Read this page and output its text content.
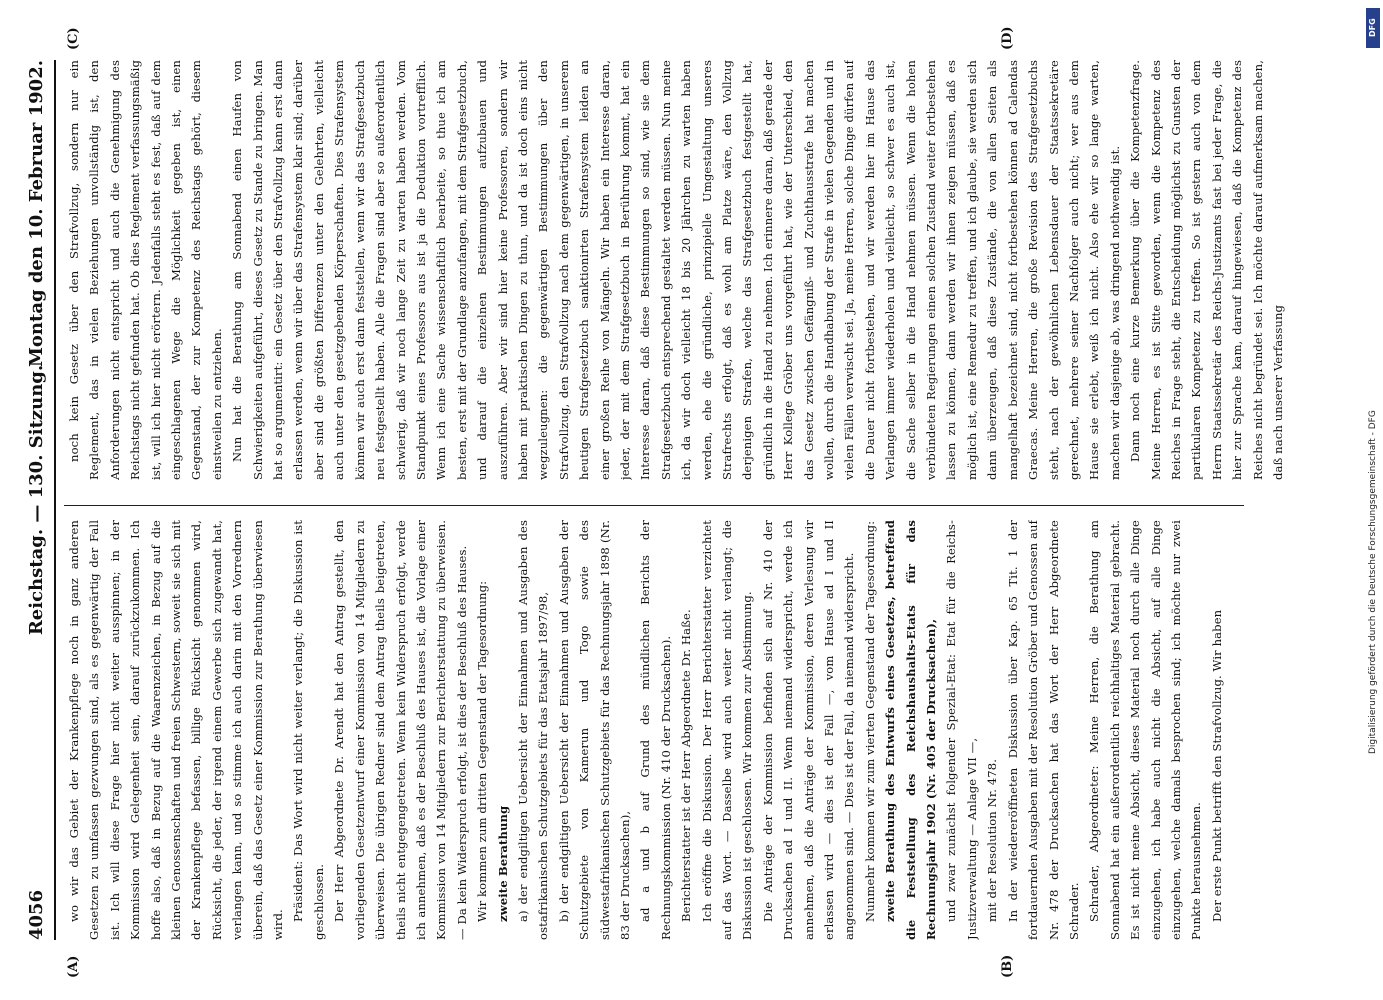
4056
Reichstag. — 130. Sitzung.
Montag den 10. Februar 1902.
(A)	(B)
(C)	(D)

wo wir das Gebiet der Krankenpflege noch in ganz anderen Gesetzen zu umfassen gezwungen sind, als es gegenwärtig der Fall ist. Ich will diese Frage hier nicht weiter ausspinnen; in der Kommission wird Gelegenheit sein, darauf zurückzukommen. Ich hoffe also, daß in Bezug auf die Waarenzeichen, in Bezug auf die kleinen Genossenschaften und freien Schwestern, soweit sie sich mit der Krankenpflege befassen, billige Rücksicht genommen wird, Rücksicht, die jeder, der irgend einem Gewerbe sich zugewandt hat, verlangen kann, und so stimme ich auch darin mit den Vorrednern überein, daß das Gesetz einer Kommission zur Berathung überwiesen wird.

Präsident: Das Wort wird nicht weiter verlangt; die Diskussion ist geschlossen. Der Herr Abgeordnete Dr. Arendt hat den Antrag gestellt, den vorliegenden Gesetzentwurf einer Kommission von 14 Mitgliedern zu überweisen. Die übrigen Redner sind dem Antrag theils beigetreten, theils nicht entgegengetreten. Wenn kein Widerspruch erfolgt, werde ich annehmen, daß es der Beschluß des Hauses ist, die Vorlage einer Kommission von 14 Mitgliedern zur Berichterstattung zu überweisen. — Da kein Widerspruch erfolgt, ist dies der Beschluß des Hauses. Wir kommen zum dritten Gegenstand der Tagesordnung: zweite Berathung a) der endgiltigen Uebersicht der Einnahmen und Ausgaben des ostafrikanischen Schutzgebiets für das Etatsjahr 1897/98, b) der endgiltigen Uebersicht der Einnahmen und Ausgaben der Schutzgebiete von Kamerun und Togo sowie des südwestafrikanischen Schutzgebiets für das Rechnungsjahr 1898 (Nr. 83 der Drucksachen), ad a und b auf Grund des mündlichen Berichts der Rechnungskommission (Nr. 410 der Drucksachen). Berichterstatter ist der Herr Abgeordnete Dr. Haße. Ich eröffne die Diskussion. Der Herr Berichterstatter verzichtet auf das Wort. — Dasselbe wird auch weiter nicht verlangt; die Diskussion ist geschlossen. Wir kommen zur Abstimmung. Die Anträge der Kommission befinden sich auf Nr. 410 der Drucksachen ad I und II. Wenn niemand widerspricht, werde ich annehmen, daß die Anträge der Kommission, deren Verlesung wir erlassen wird — dies ist der Fall —, vom Hause ad I und II angenommen sind. — Dies ist der Fall, da niemand widerspricht. Nunmehr kommen wir zum vierten Gegenstand der Tagesordnung: zweite Berathung des Entwurfs eines Gesetzes, betreffend die Feststellung des Reichshaushalts-Etats für das Rechnungsjahr 1902 (Nr. 405 der Drucksachen), und zwar zunächst folgender Spezial-Etat: Etat für die Reichs-Justizverwaltung — Anlage VII —, mit der Resolution Nr. 478. In der wiedereröffneten Diskussion über Kap. 65 Tit. 1 der fortdauernden Ausgaben mit der Resolution Gröber und Genossen auf Nr. 478 der Drucksachen hat das Wort der Herr Abgeordnete Schrader. Schrader, Abgeordneter: Meine Herren, die Berathung am Sonnabend hat ein außerordentlich reichhaltiges Material gebracht. Es ist nicht meine Absicht, dieses Material noch durch alle Dinge einzugehen, ich habe auch nicht die Absicht, auf alle Dinge einzugehen, welche damals besprochen sind; ich möchte nur zwei Punkte herausnehmen. Der erste Punkt betrifft den Strafvollzug. Wir haben

noch kein Gesetz über den Strafvollzug, sondern nur ein Reglement, das in vielen Beziehungen unvollständig ist, den Anforderungen nicht entspricht und auch die Genehmigung des Reichstags nicht gefunden hat. Ob dies Reglement verfassungsmäßig ist, will ich hier nicht erörtern. Jedenfalls steht es fest, daß auf dem eingeschlagenen Wege die Möglichkeit gegeben ist, einen Gegenstand, der zur Kompetenz des Reichstags gehört, diesem einstweilen zu entziehen. Nun hat die Berathung am Sonnabend einen Haufen von Schwierigkeiten aufgeführt, dieses Gesetz zu Stande zu bringen. Man hat so argumentirt: ein Gesetz über den Strafvollzug kann erst dann erlassen werden, wenn wir über das Strafensystem klar sind; darüber aber sind die größten Differenzen unter den Gelehrten, vielleicht auch unter den gesetzgebenden Körperschaften. Dies Strafensystem können wir auch erst dann feststellen, wenn wir das Strafgesetzbuch neu festgestellt haben. Alle die Fragen sind aber so außerordentlich schwierig, daß wir noch lange Zeit zu warten haben werden. Vom Standpunkt eines Professors aus ist ja die Deduktion vortrefflich. Wenn ich eine Sache wissenschaftlich bearbeite, so thue ich am besten, erst mit der Grundlage anzufangen, mit dem Strafgesetzbuch, und darauf die einzelnen Bestimmungen aufzubauen und auszuführen. Aber wir sind hier keine Professoren, sondern wir haben mit praktischen Dingen zu thun, und da ist doch eins nicht wegzuleugnen: die gegenwärtigen Bestimmungen über den Strafvollzug, den Strafvollzug nach dem gegenwärtigen, in unserem heutigen Strafgesetzbuch sanktionirten Strafensystem leiden an einer großen Reihe von Mängeln. Wir haben ein Interesse daran, jeder, der mit dem Strafgesetzbuch in Berührung kommt, hat ein Interesse daran, daß diese Bestimmungen so sind, wie sie dem Strafgesetzbuch entsprechend gestaltet werden müssen. Nun meine ich, da wir doch vielleicht 18 bis 20 Jährchen zu warten haben werden, ehe die gründliche, prinzipielle Umgestaltung unseres Strafrechts erfolgt, daß es wohl am Platze wäre, den Vollzug derjenigen Strafen, welche das Strafgesetzbuch festgestellt hat, gründlich in die Hand zu nehmen. Ich erinnere daran, daß gerade der Herr Kollege Gröber uns vorgeführt hat, wie der Unterschied, den das Gesetz zwischen Gefängniß- und Zuchthausstrafe hat machen wollen, durch die Handhabung der Strafe in vielen Gegenden und in vielen Fällen verwischt sei. Ja, meine Herren, solche Dinge dürfen auf die Dauer nicht fortbestehen, und wir werden hier im Hause das Verlangen immer wiederholen und vielleicht, so schwer es auch ist, die Sache selber in die Hand nehmen müssen. Wenn die hohen verbündeten Regierungen einen solchen Zustand weiter fortbestehen lassen zu können, dann werden wir ihnen zeigen müssen, daß es möglich ist, eine Remedur zu treffen, und ich glaube, sie werden sich dann überzeugen, daß diese Zustände, die von allen Seiten als mangelhaft bezeichnet sind, nicht fortbestehen können ad Calendas Graecas. Meine Herren, die große Revision des Strafgesetzbuchs steht, nach der gewöhnlichen Lebensdauer der Staatssekretäre gerechnet, mehrere seiner Nachfolger auch nicht; wer aus dem Hause sie erlebt, weiß ich nicht. Also ehe wir so lange warten, machen wir dasjenige ab, was dringend nothwendig ist. Dann noch eine kurze Bemerkung über die Kompetenzfrage. Meine Herren, es ist Sitte geworden, wenn die Kompetenz des Reiches in Frage steht, die Entscheidung möglichst zu Gunsten der partikularen Kompetenz zu treffen. So ist gestern auch von dem Herrn Staatssekretär des Reichs-Justizamts fast bei jeder Frage, die hier zur Sprache kam, darauf hingewiesen, daß die Kompetenz des Reiches nicht begründet sei. Ich möchte darauf aufmerksam machen, daß nach unserer Verfassung

DFG
Digitalisierung gefördert durch die Deutsche Forschungsgemeinschaft - DFG
